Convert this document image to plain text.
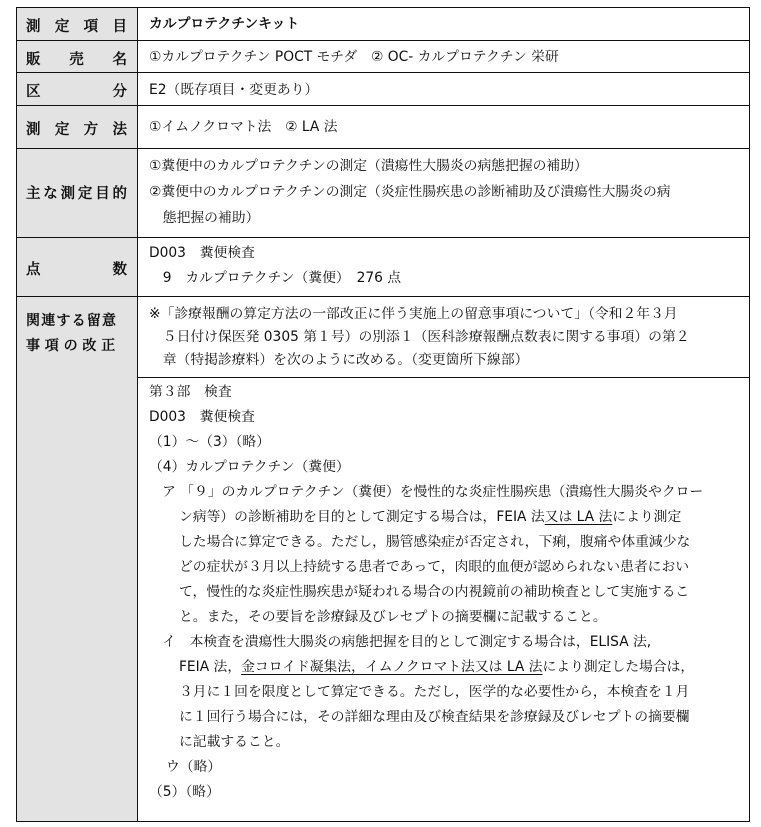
測 定 項 目 カルプロテクチンキット
販 売 名 ①カルプロテクチン POCT モチダ　② OC- カルプロテクチン 栄研
区	分 E2（既存項目・変更あり）
測 定 方 法 ①イムノクロマト法　② LA 法
主 な 測 定 目 的
①糞便中のカルプロテクチンの測定（潰瘍性大腸炎の病態把握の補助）
②糞便中のカルプロテクチンの測定（炎症性腸疾患の診断補助及び潰瘍性大腸炎の病
　態把握の補助）
点	数
D003　糞便検査
　9　カルプロテクチン（糞便）　276 点
関連する留意
事項の改正
※「診療報酬の算定方法の一部改正に伴う実施上の留意事項について」（令和２年３月
　５日付け保医発 0305 第１号）の別添１（医科診療報酬点数表に関する事項）の第２
　章（特掲診療料）を次のように改める。（変更箇所下線部）
第３部　検査
D003　糞便検査
（1）～（3）（略）
（4）カルプロテクチン（糞便）
ア 「９」のカルプロテクチン（糞便）を慢性的な炎症性腸疾患（潰瘍性大腸炎やクロー
ン病等）の診断補助を目的として測定する場合は，FEIA 法又は LA 法により測定
した場合に算定できる。ただし，腸管感染症が否定され，下痢，腹痛や体重減少な
どの症状が３月以上持続する患者であって，肉眼的血便が認められない患者におい
て，慢性的な炎症性腸疾患が疑われる場合の内視鏡前の補助検査として実施するこ
と。また，その要旨を診療録及びレセプトの摘要欄に記載すること。
イ　本検査を潰瘍性大腸炎の病態把握を目的として測定する場合は，ELISA 法,
FEIA 法，金コロイド凝集法，イムノクロマト法又は LA 法により測定した場合は，
３月に１回を限度として算定できる。ただし，医学的な必要性から，本検査を１月
に１回行う場合には，その詳細な理由及び検査結果を診療録及びレセプトの摘要欄
に記載すること。
ウ（略）
（5）（略）
